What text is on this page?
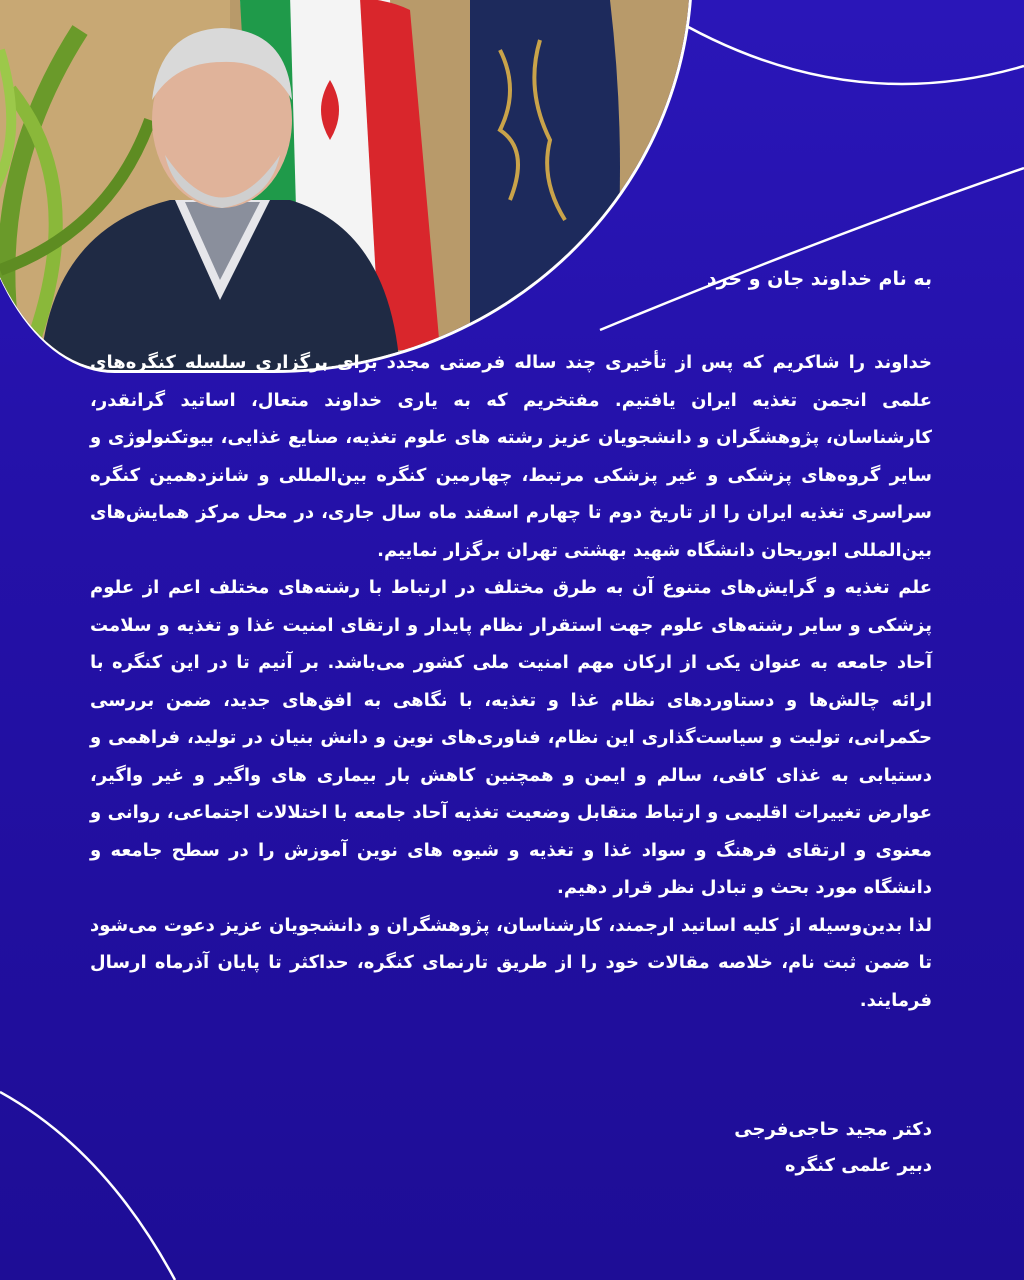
به نام خداوند جان و خرد

خداوند را شاکریم که پس از تأخیری چند ساله فرصتی مجدد برای برگزاری سلسله کنگره‌های علمی انجمن تغذیه ایران یافتیم. مفتخریم که به یاری خداوند متعال، اساتید گرانقدر، کارشناسان، پژوهشگران و دانشجویان عزیز رشته های علوم تغذیه، صنایع غذایی، بیوتکنولوژی و سایر گروه‌های پزشکی و غیر پزشکی مرتبط، چهارمین کنگره بین‌المللی و شانزدهمین کنگره سراسری تغذیه ایران را از تاریخ دوم تا چهارم اسفند ماه سال جاری، در محل مرکز همایش‌های بین‌المللی ابوریحان دانشگاه شهید بهشتی تهران برگزار نماییم.

علم تغذیه و گرایش‌های متنوع آن به طرق مختلف در ارتباط با رشته‌های مختلف اعم از علوم پزشکی و سایر رشته‌های علوم جهت استقرار نظام پایدار و ارتقای امنیت غذا و تغذیه و سلامت آحاد جامعه به عنوان یکی از ارکان مهم امنیت ملی کشور می‌باشد. بر آنیم تا در این کنگره با ارائه چالش‌ها و دستاوردهای نظام غذا و تغذیه، با نگاهی به افق‌های جدید، ضمن بررسی حکمرانی، تولیت و سیاست‌گذاری این نظام، فناوری‌های نوین و دانش بنیان در تولید، فراهمی و دستیابی به غذای کافی، سالم و ایمن و همچنین کاهش بار بیماری های واگیر و غیر واگیر، عوارض تغییرات اقلیمی و ارتباط متقابل وضعیت تغذیه آحاد جامعه با اختلالات اجتماعی، روانی و معنوی و ارتقای فرهنگ و سواد غذا و تغذیه و شیوه های نوین آموزش را در سطح جامعه و دانشگاه مورد بحث و تبادل نظر قرار دهیم.

لذا بدین‌وسیله از کلیه اساتید ارجمند، کارشناسان، پژوهشگران و دانشجویان عزیز دعوت می‌شود تا ضمن ثبت نام، خلاصه مقالات خود را از طریق تارنمای کنگره، حداکثر تا پایان آذرماه ارسال فرمایند.

دکتر مجید حاجی‌فرجی
دبیر علمی کنگره
